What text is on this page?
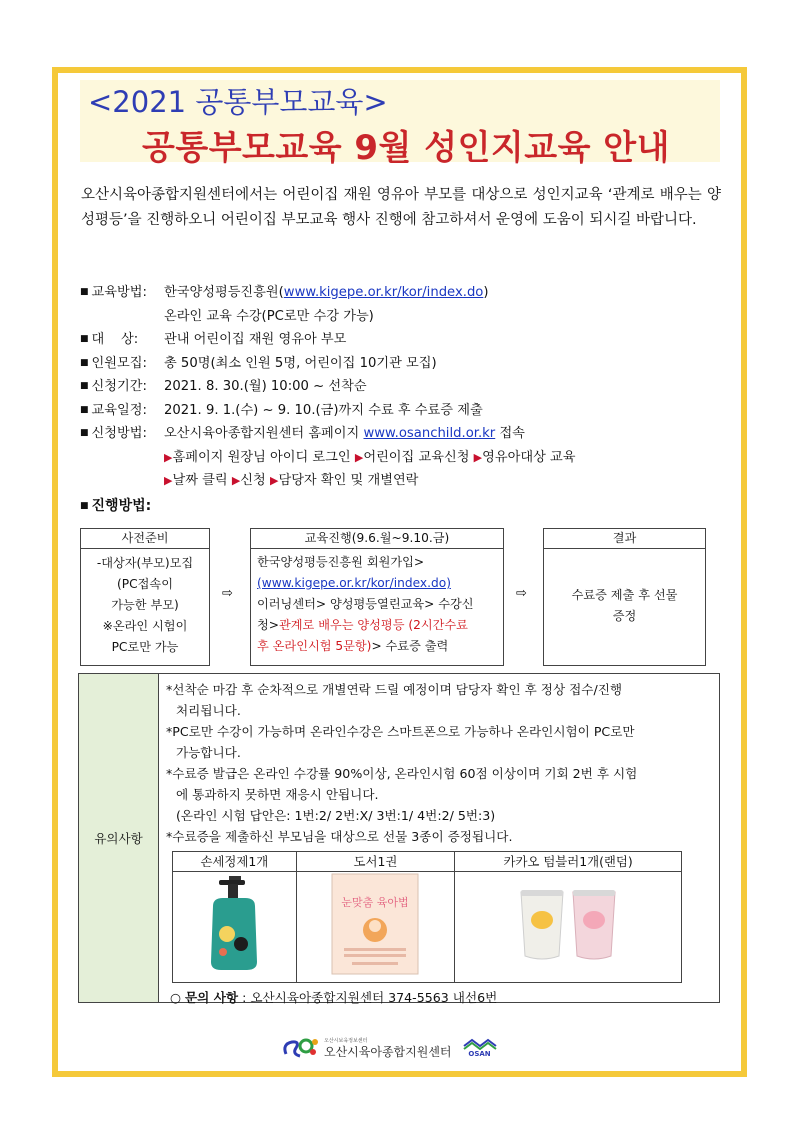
<2021 공통부모교육>
공통부모교육 9월 성인지교육 안내

오산시육아종합지원센터에서는 어린이집 재원 영유아 부모를 대상으로 성인지교육 ‘관계로 배우는 양성평등’을 진행하오니 어린이집 부모교육 행사 진행에 참고하셔서 운영에 도움이 되시길 바랍니다.

■ 교육방법:	한국양성평등진흥원( www.kigepe.or.kr/kor/index.do )
온라인 교육 수강(PC로만 수강 가능)
■ 대    상:	관내 어린이집 재원 영유아 부모
■ 인원모집:	총 50명(최소 인원 5명, 어린이집 10기관 모집)
■ 신청기간:	2021. 8. 30.(월) 10:00 ~ 선착순
■ 교육일정:	2021. 9. 1.(수) ~ 9. 10.(금)까지 수료 후 수료증 제출
■ 신청방법:	오산시육아종합지원센터 홈페이지
www.osanchild.or.kr
접속
▶홈페이지 원장님 아이디 로그인 ▶어린이집 교육신청 ▶영유아대상 교육
▶날짜 클릭 ▶신청 ▶담당자 확인 및 개별연락
■ 진행방법:
사전준비
-대상자(부모)모집
(PC접속이
가능한 부모)
※온라인 시험이
PC로만 가능
⇨
교육진행(9.6.월~9.10.금)
한국양성평등진흥원 회원가입>
(www.kigepe.or.kr/kor/index.do)
이러닝센터> 양성평등열린교육> 수강신
청>관계로 배우는 양성평등 (2시간수료
후 온라인시험 5문항)> 수료증 출력
⇨
결과
수료증 제출 후 선물
증정
유의사항

*선착순 마감 후 순차적으로 개별연락 드릴 예정이며 담당자 확인 후 정상 접수/진행

처리됩니다.

*PC로만 수강이 가능하며 온라인수강은 스마트폰으로 가능하나 온라인시험이 PC로만

가능합니다.

*수료증 발급은 온라인 수강률 90%이상, 온라인시험 60점 이상이며 기회 2번 후 시험

에 통과하지 못하면 재응시 안됩니다.

(온라인 시험 답안은: 1번:2/ 2번:X/ 3번:1/ 4번:2/ 5번:3)

*수료증을 제출하신 부모님을 대상으로 선물 3종이 증정됩니다.

손세정제1개	도서1권	카카오 텀블러1개(랜덤)

눈맞춤 육아법

○ 문의 사항 : 오산시육아종합지원센터 374-5563 내선6번
오산시보육정보센터
오산시육아종합지원센터 OSAN
